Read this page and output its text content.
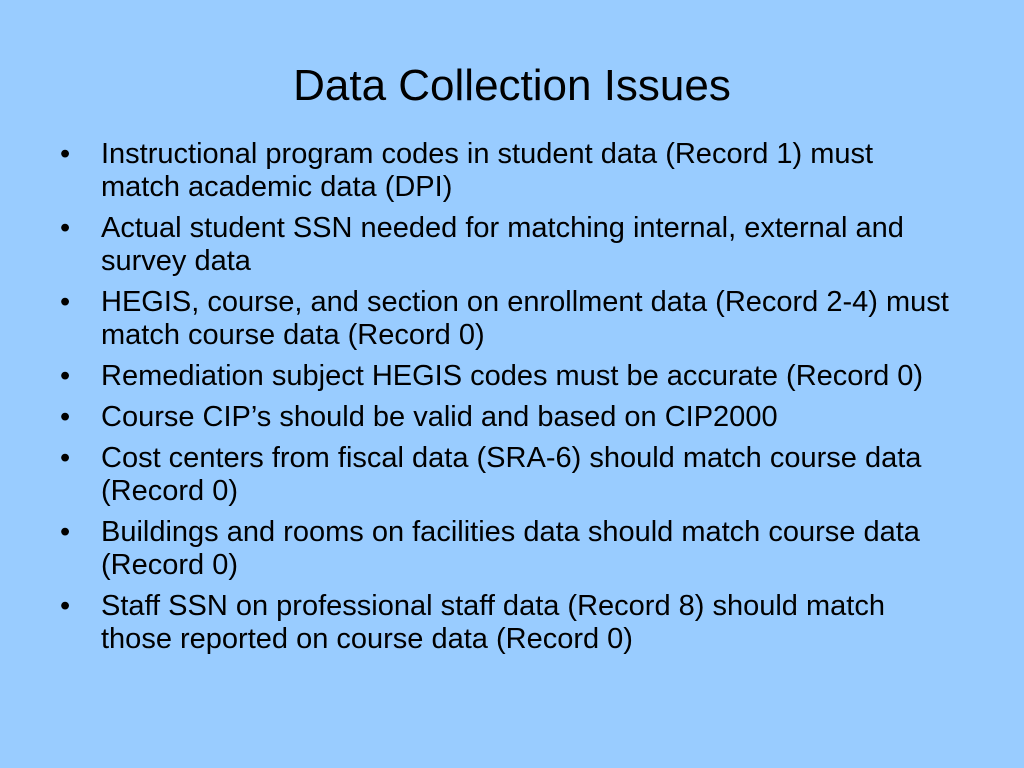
Data Collection Issues
•	Instructional program codes in student data (Record 1) must match academic data (DPI)
•	Actual student SSN needed for matching internal, external and survey data
•	HEGIS, course, and section on enrollment data (Record 2-4) must match course data (Record 0)
•	Remediation subject HEGIS codes must be accurate (Record 0)
•	Course CIP’s should be valid and based on CIP2000
•	Cost centers from fiscal data (SRA-6) should match course data (Record 0)
•	Buildings and rooms on facilities data should match course data (Record 0)
•	Staff SSN on professional staff data (Record 8) should match those reported on course data (Record 0)
